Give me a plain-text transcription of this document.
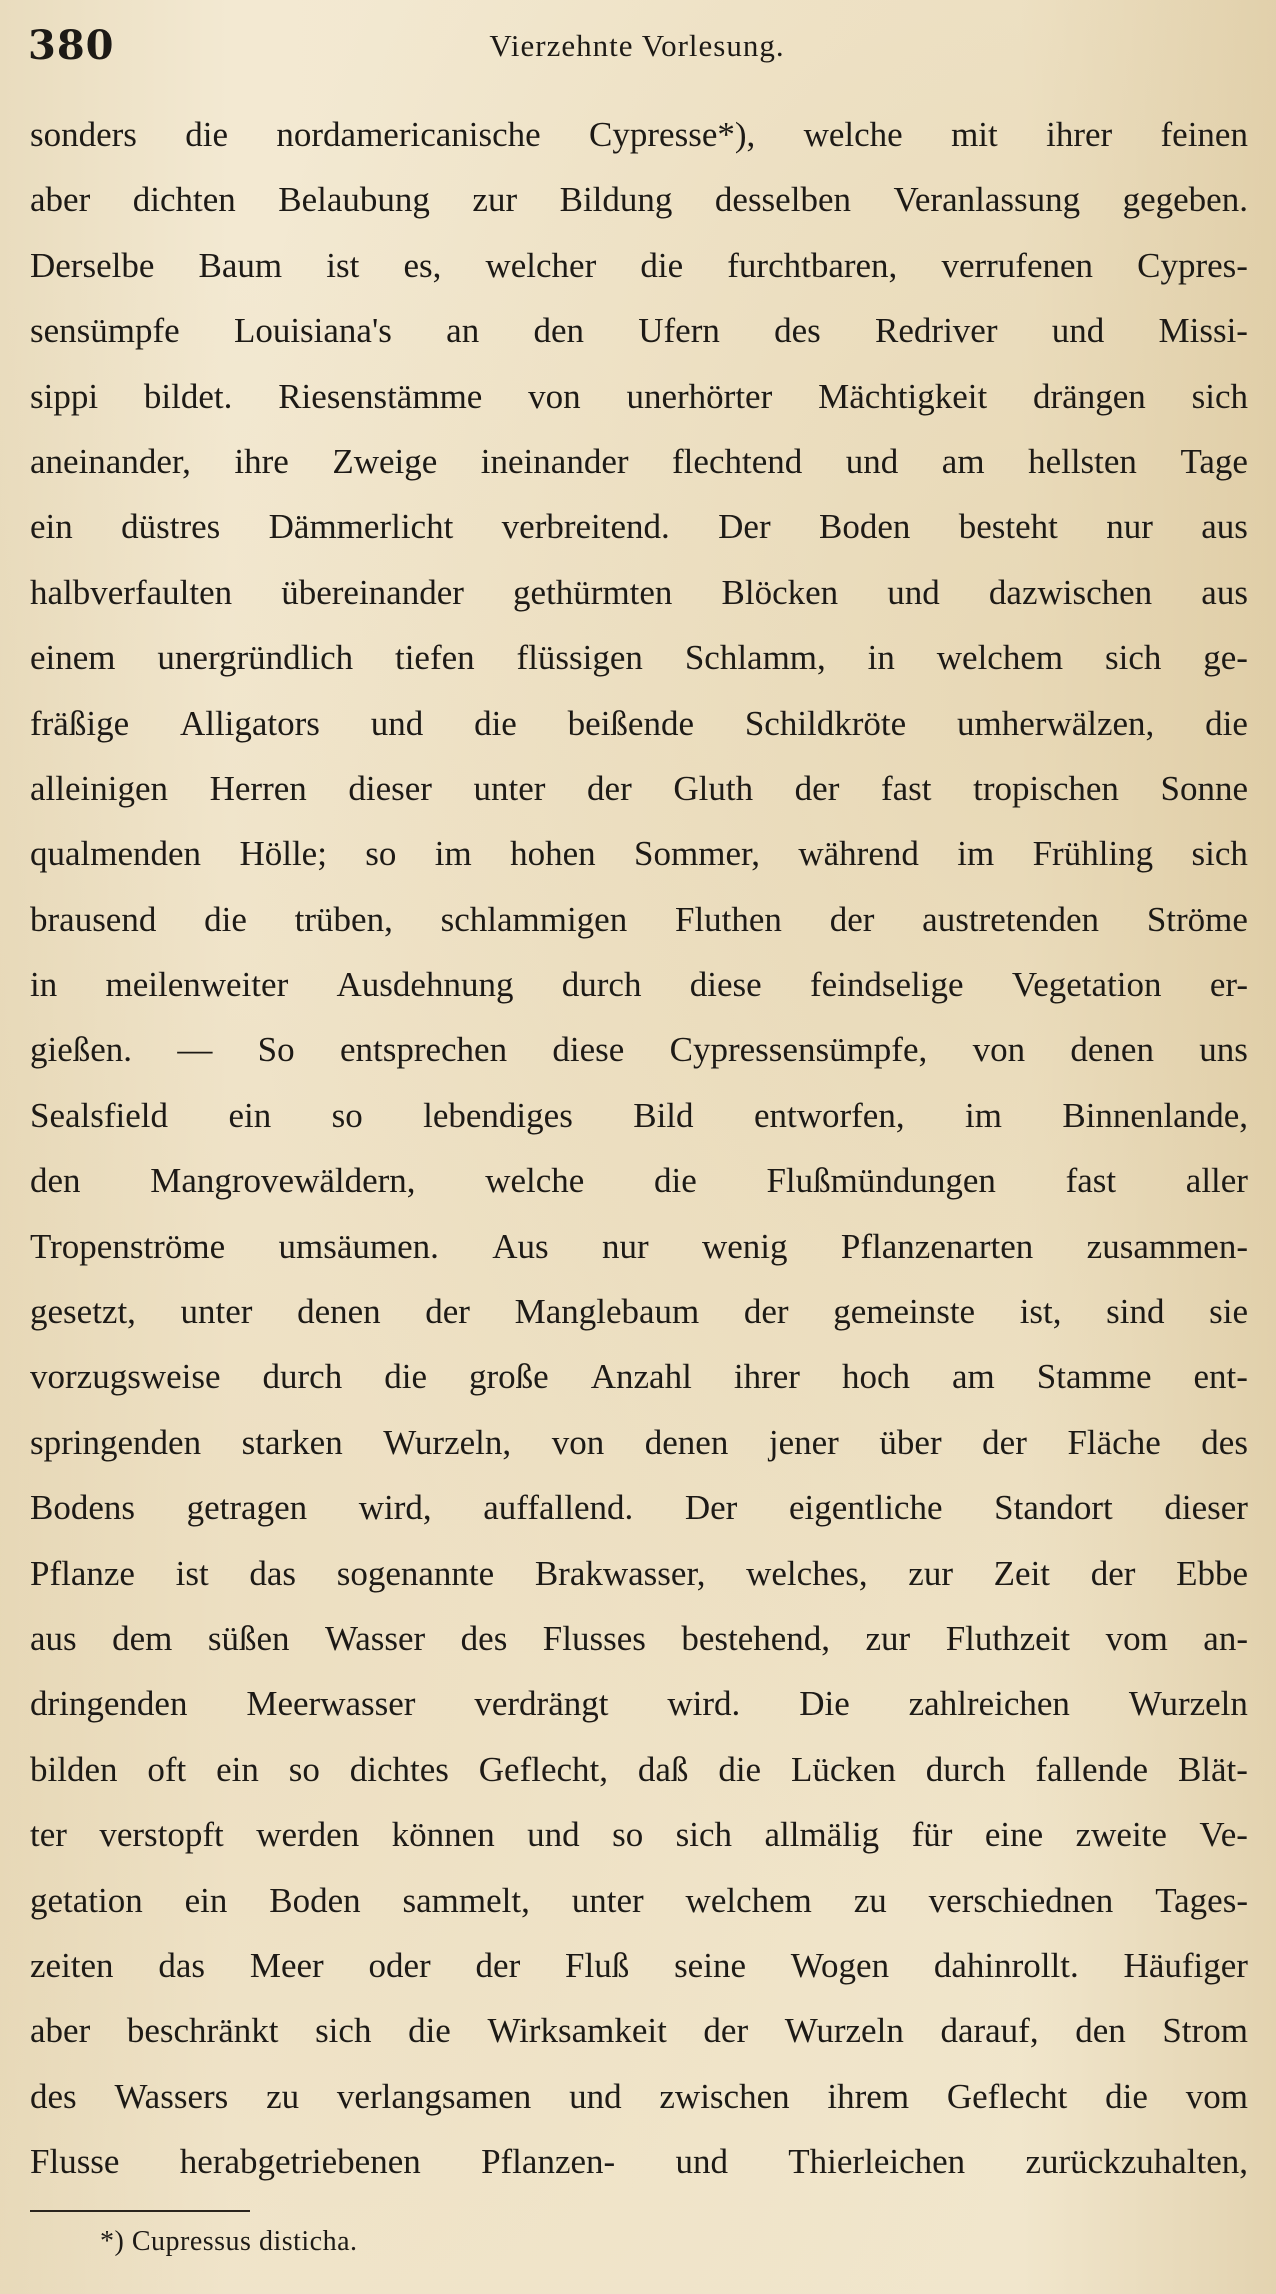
380	Vierzehnte Vorlesung.
sonders die nordamericanische Cypresse*), welche mit ihrer feinen
aber dichten Belaubung zur Bildung desselben Veranlassung gegeben.
Derselbe Baum ist es, welcher die furchtbaren, verrufenen Cypres-
sensümpfe Louisiana's an den Ufern des Redriver und Missi-
sippi bildet. Riesenstämme von unerhörter Mächtigkeit drängen sich
aneinander, ihre Zweige ineinander flechtend und am hellsten Tage
ein düstres Dämmerlicht verbreitend. Der Boden besteht nur aus
halbverfaulten übereinander gethürmten Blöcken und dazwischen aus
einem unergründlich tiefen flüssigen Schlamm, in welchem sich ge-
fräßige Alligators und die beißende Schildkröte umherwälzen, die
alleinigen Herren dieser unter der Gluth der fast tropischen Sonne
qualmenden Hölle; so im hohen Sommer, während im Frühling sich
brausend die trüben, schlammigen Fluthen der austretenden Ströme
in meilenweiter Ausdehnung durch diese feindselige Vegetation er-
gießen. — So entsprechen diese Cypressensümpfe, von denen uns
Sealsfield ein so lebendiges Bild entworfen, im Binnenlande,
den Mangrovewäldern, welche die Flußmündungen fast aller
Tropenströme umsäumen. Aus nur wenig Pflanzenarten zusammen-
gesetzt, unter denen der Manglebaum der gemeinste ist, sind sie
vorzugsweise durch die große Anzahl ihrer hoch am Stamme ent-
springenden starken Wurzeln, von denen jener über der Fläche des
Bodens getragen wird, auffallend. Der eigentliche Standort dieser
Pflanze ist das sogenannte Brakwasser, welches, zur Zeit der Ebbe
aus dem süßen Wasser des Flusses bestehend, zur Fluthzeit vom an-
dringenden Meerwasser verdrängt wird. Die zahlreichen Wurzeln
bilden oft ein so dichtes Geflecht, daß die Lücken durch fallende Blät-
ter verstopft werden können und so sich allmälig für eine zweite Ve-
getation ein Boden sammelt, unter welchem zu verschiednen Tages-
zeiten das Meer oder der Fluß seine Wogen dahinrollt. Häufiger
aber beschränkt sich die Wirksamkeit der Wurzeln darauf, den Strom
des Wassers zu verlangsamen und zwischen ihrem Geflecht die vom
Flusse herabgetriebenen Pflanzen- und Thierleichen zurückzuhalten,
*) Cupressus disticha.
